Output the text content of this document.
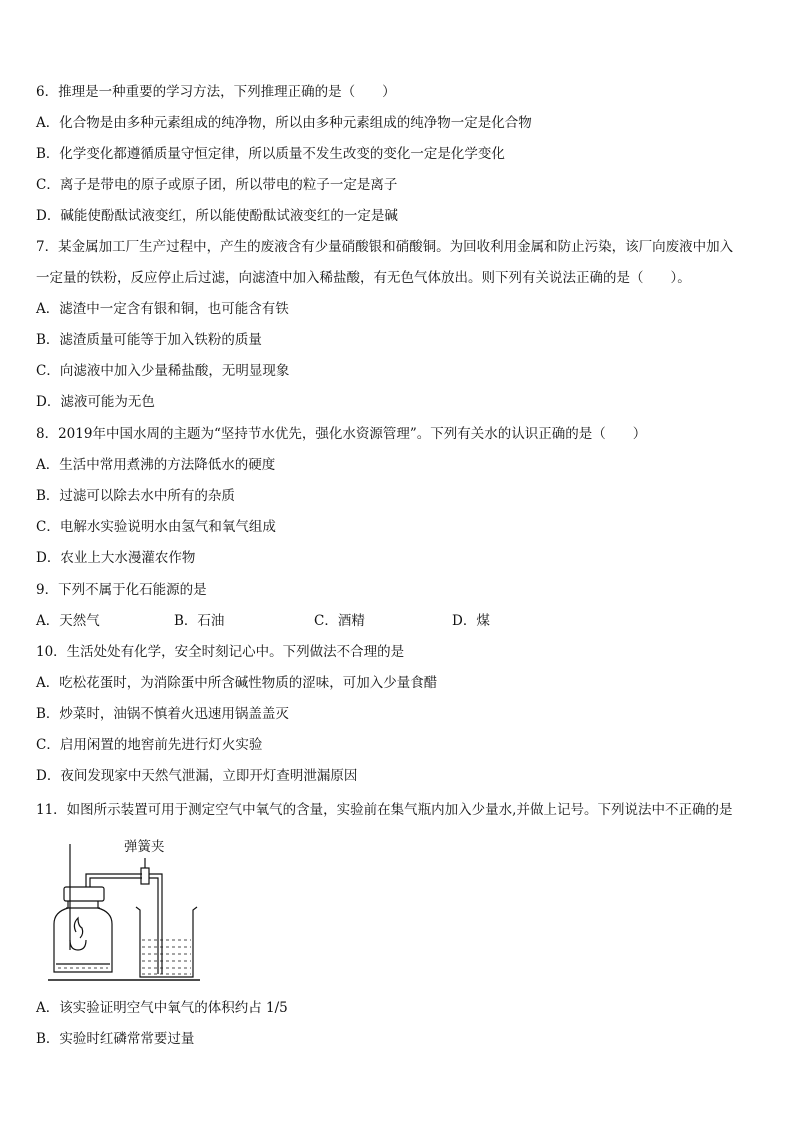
6．推理是一种重要的学习方法，下列推理正确的是（　　）
A．化合物是由多种元素组成的纯净物，所以由多种元素组成的纯净物一定是化合物
B．化学变化都遵循质量守恒定律，所以质量不发生改变的变化一定是化学变化
C．离子是带电的原子或原子团，所以带电的粒子一定是离子
D．碱能使酚酞试液变红，所以能使酚酞试液变红的一定是碱
7．某金属加工厂生产过程中，产生的废液含有少量硝酸银和硝酸铜。为回收利用金属和防止污染，该厂向废液中加入
一定量的铁粉，反应停止后过滤，向滤渣中加入稀盐酸，有无色气体放出。则下列有关说法正确的是（　　）。
A．滤渣中一定含有银和铜，也可能含有铁
B．滤渣质量可能等于加入铁粉的质量
C．向滤液中加入少量稀盐酸，无明显现象
D．滤液可能为无色
8．2019年中国水周的主题为“坚持节水优先，强化水资源管理”。下列有关水的认识正确的是（　　）
A．生活中常用煮沸的方法降低水的硬度
B．过滤可以除去水中所有的杂质
C．电解水实验说明水由氢气和氧气组成
D．农业上大水漫灌农作物
9．下列不属于化石能源的是
A．天然气	B．石油	C．酒精	D．煤
10．生活处处有化学，安全时刻记心中。下列做法不合理的是
A．吃松花蛋时，为消除蛋中所含碱性物质的涩味，可加入少量食醋
B．炒菜时，油锅不慎着火迅速用锅盖盖灭
C．启用闲置的地窖前先进行灯火实验
D．夜间发现家中天然气泄漏，立即开灯查明泄漏原因
11．如图所示装置可用于测定空气中氧气的含量，实验前在集气瓶内加入少量水,并做上记号。下列说法中不正确的是
弹簧夹
A．该实验证明空气中氧气的体积约占 1/5
B．实验时红磷常常要过量
